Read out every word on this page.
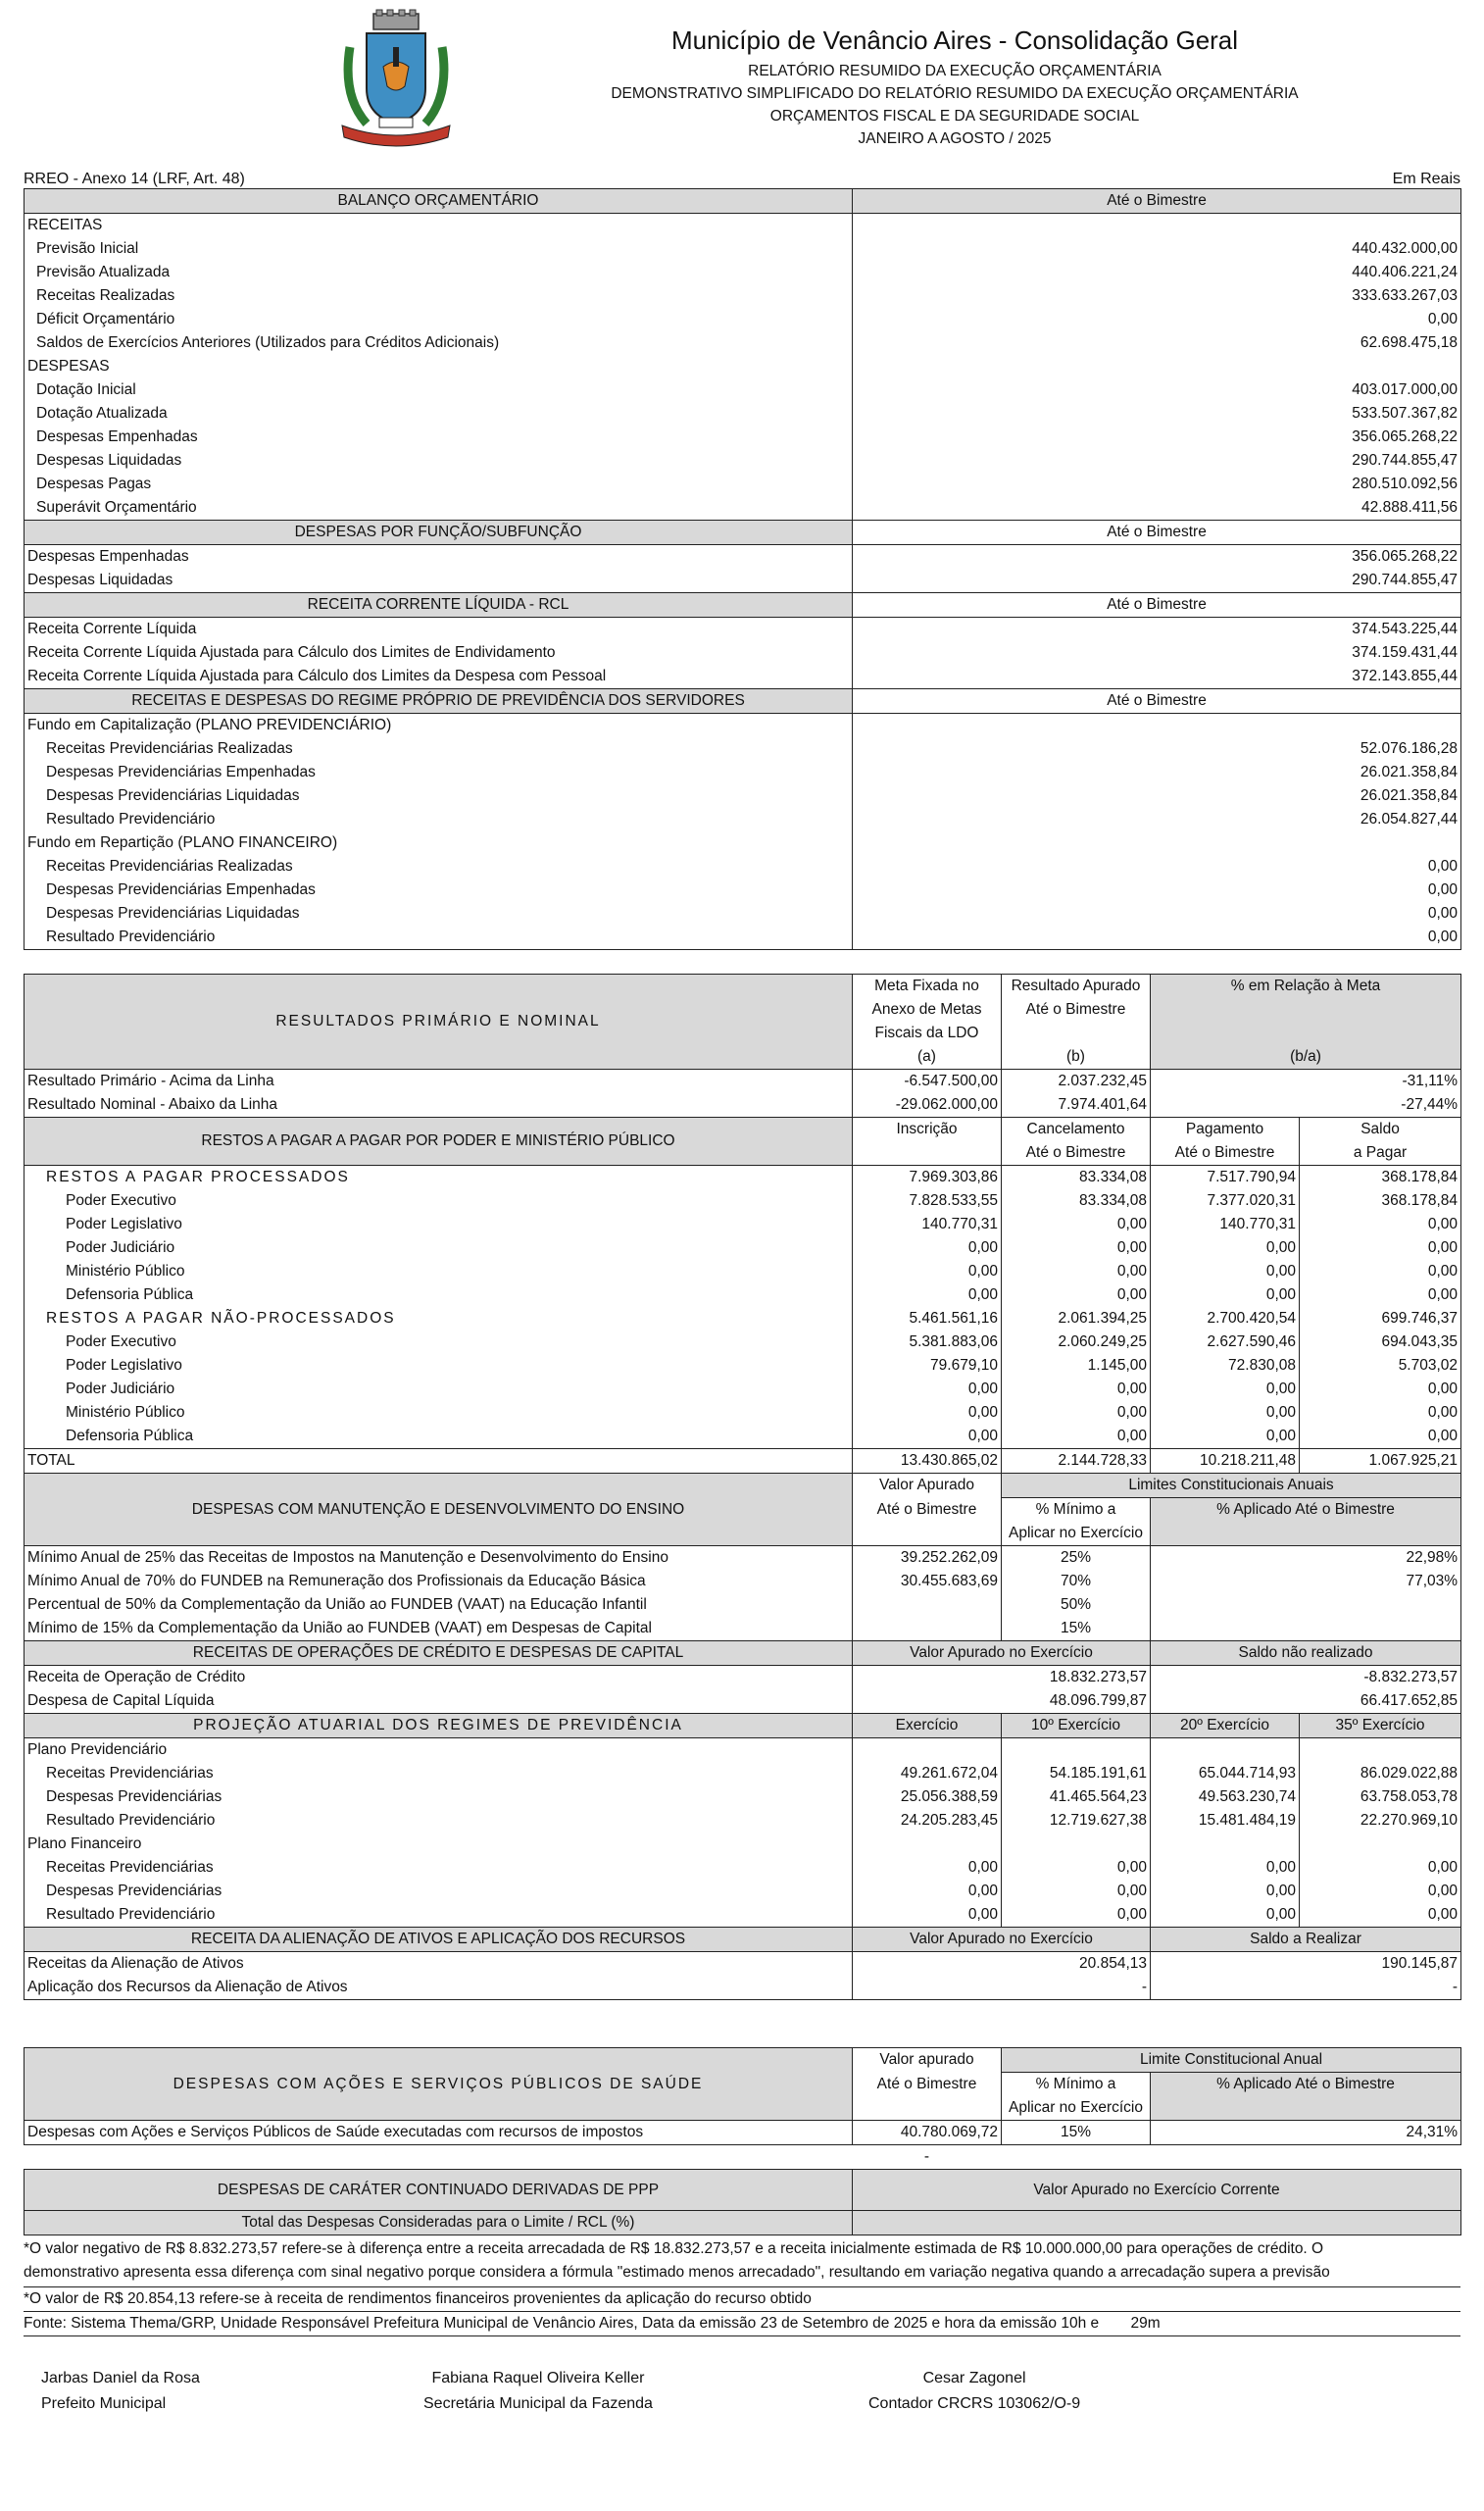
Município de Venâncio Aires - Consolidação Geral
RELATÓRIO RESUMIDO DA EXECUÇÃO ORÇAMENTÁRIA
DEMONSTRATIVO SIMPLIFICADO DO RELATÓRIO RESUMIDO DA EXECUÇÃO ORÇAMENTÁRIA
ORÇAMENTOS FISCAL E DA SEGURIDADE SOCIAL
JANEIRO A AGOSTO / 2025
RREO - Anexo 14 (LRF, Art. 48)	Em Reais
BALANÇO ORÇAMENTÁRIO	Até o Bimestre			
RECEITAS				
Previsão Inicial	440.432.000,00			
Previsão Atualizada	440.406.221,24			
Receitas Realizadas	333.633.267,03			
Déficit Orçamentário	0,00			
Saldos de Exercícios Anteriores (Utilizados para Créditos Adicionais)	62.698.475,18			
DESPESAS				
Dotação Inicial	403.017.000,00			
Dotação Atualizada	533.507.367,82			
Despesas Empenhadas	356.065.268,22			
Despesas Liquidadas	290.744.855,47			
Despesas Pagas	280.510.092,56			
Superávit Orçamentário	42.888.411,56			
DESPESAS POR FUNÇÃO/SUBFUNÇÃO	Até o Bimestre			
Despesas Empenhadas	356.065.268,22			
Despesas Liquidadas	290.744.855,47			
RECEITA CORRENTE LÍQUIDA - RCL	Até o Bimestre			
Receita Corrente Líquida	374.543.225,44			
Receita Corrente Líquida Ajustada para Cálculo dos Limites de Endividamento	374.159.431,44			
Receita Corrente Líquida Ajustada para Cálculo dos Limites da Despesa com Pessoal	372.143.855,44			
RECEITAS E DESPESAS DO REGIME PRÓPRIO DE PREVIDÊNCIA DOS SERVIDORES	Até o Bimestre			
Fundo em Capitalização (PLANO PREVIDENCIÁRIO)				
Receitas Previdenciárias Realizadas	52.076.186,28			
Despesas Previdenciárias Empenhadas	26.021.358,84			
Despesas Previdenciárias Liquidadas	26.021.358,84			
Resultado Previdenciário	26.054.827,44			
Fundo em Repartição (PLANO FINANCEIRO)				
Receitas Previdenciárias Realizadas	0,00			
Despesas Previdenciárias Empenhadas	0,00			
Despesas Previdenciárias Liquidadas	0,00			
Resultado Previdenciário	0,00			

RESULTADOS PRIMÁRIO E NOMINAL	Meta Fixada no	Resultado Apurado	% em Relação à Meta	
	Anexo de Metas	Até o Bimestre		
	Fiscais da LDO			
	(a)	(b)	(b/a)	
Resultado Primário - Acima da Linha	-6.547.500,00	2.037.232,45	-31,11%	
Resultado Nominal - Abaixo da Linha	-29.062.000,00	7.974.401,64	-27,44%	
RESTOS A PAGAR A PAGAR POR PODER E MINISTÉRIO PÚBLICO	Inscrição	Cancelamento	Pagamento	Saldo
		Até o Bimestre	Até o Bimestre	a Pagar
RESTOS A PAGAR PROCESSADOS	7.969.303,86	83.334,08	7.517.790,94	368.178,84
Poder Executivo	7.828.533,55	83.334,08	7.377.020,31	368.178,84
Poder Legislativo	140.770,31	0,00	140.770,31	0,00
Poder Judiciário	0,00	0,00	0,00	0,00
Ministério Público	0,00	0,00	0,00	0,00
Defensoria Pública	0,00	0,00	0,00	0,00
RESTOS A PAGAR NÃO-PROCESSADOS	5.461.561,16	2.061.394,25	2.700.420,54	699.746,37
Poder Executivo	5.381.883,06	2.060.249,25	2.627.590,46	694.043,35
Poder Legislativo	79.679,10	1.145,00	72.830,08	5.703,02
Poder Judiciário	0,00	0,00	0,00	0,00
Ministério Público	0,00	0,00	0,00	0,00
Defensoria Pública	0,00	0,00	0,00	0,00
TOTAL	13.430.865,02	2.144.728,33	10.218.211,48	1.067.925,21
DESPESAS COM MANUTENÇÃO E DESENVOLVIMENTO DO ENSINO	Valor Apurado	Limites Constitucionais Anuais		
	Até o Bimestre	% Mínimo a	% Aplicado Até o Bimestre	
		Aplicar no Exercício		
Mínimo Anual de 25% das Receitas de Impostos na Manutenção e Desenvolvimento do Ensino	39.252.262,09	25%	22,98%	
Mínimo Anual de 70% do FUNDEB na Remuneração dos Profissionais da Educação Básica	30.455.683,69	70%	77,03%	
Percentual de 50% da Complementação da União ao FUNDEB (VAAT) na Educação Infantil		50%		
Mínimo de 15% da Complementação da União ao FUNDEB (VAAT) em Despesas de Capital		15%		
RECEITAS DE OPERAÇÕES DE CRÉDITO E DESPESAS DE CAPITAL	Valor Apurado no Exercício		Saldo não realizado	
Receita de Operação de Crédito	18.832.273,57		-8.832.273,57	
Despesa de Capital Líquida	48.096.799,87		66.417.652,85	
PROJEÇÃO ATUARIAL DOS REGIMES DE PREVIDÊNCIA	Exercício	10º Exercício	20º Exercício	35º Exercício
Plano Previdenciário				
Receitas Previdenciárias	49.261.672,04	54.185.191,61	65.044.714,93	86.029.022,88
Despesas Previdenciárias	25.056.388,59	41.465.564,23	49.563.230,74	63.758.053,78
Resultado Previdenciário	24.205.283,45	12.719.627,38	15.481.484,19	22.270.969,10
Plano Financeiro				
Receitas Previdenciárias	0,00	0,00	0,00	0,00
Despesas Previdenciárias	0,00	0,00	0,00	0,00
Resultado Previdenciário	0,00	0,00	0,00	0,00
RECEITA DA ALIENAÇÃO DE ATIVOS E APLICAÇÃO DOS RECURSOS	Valor Apurado no Exercício		Saldo a Realizar	
Receitas da Alienação de Ativos	20.854,13		190.145,87	
Aplicação dos Recursos da Alienação de Ativos	-		-	

DESPESAS COM AÇÕES E SERVIÇOS PÚBLICOS DE SAÚDE	Valor apurado	Limite Constitucional Anual		
	Até o Bimestre	% Mínimo a	% Aplicado Até o Bimestre	
		Aplicar no Exercício		
Despesas com Ações e Serviços Públicos de Saúde executadas com recursos de impostos	40.780.069,72	15%	24,31%	
	-			
DESPESAS DE CARÁTER CONTINUADO DERIVADAS DE PPP	Valor Apurado no Exercício Corrente			
Total das Despesas Consideradas para o Limite / RCL (%)				
*O valor negativo de R$ 8.832.273,57 refere-se à diferença entre a receita arrecadada de R$ 18.832.273,57 e a receita inicialmente estimada de R$ 10.000.000,00 para operações de crédito. O
demonstrativo apresenta essa diferença com sinal negativo porque considera a fórmula "estimado menos arrecadado", resultando em variação negativa quando a arrecadação supera a previsão
*O valor de R$ 20.854,13 refere-se à receita de rendimentos financeiros provenientes da aplicação do recurso obtido
Fonte: Sistema Thema/GRP, Unidade Responsável Prefeitura Municipal de Venâncio Aires, Data da emissão 23 de Setembro de 2025 e hora da emissão 10h e 29m
Jarbas Daniel da Rosa
Prefeito Municipal
Fabiana Raquel Oliveira Keller
Secretária Municipal da Fazenda
Cesar Zagonel
Contador CRCRS 103062/O-9
